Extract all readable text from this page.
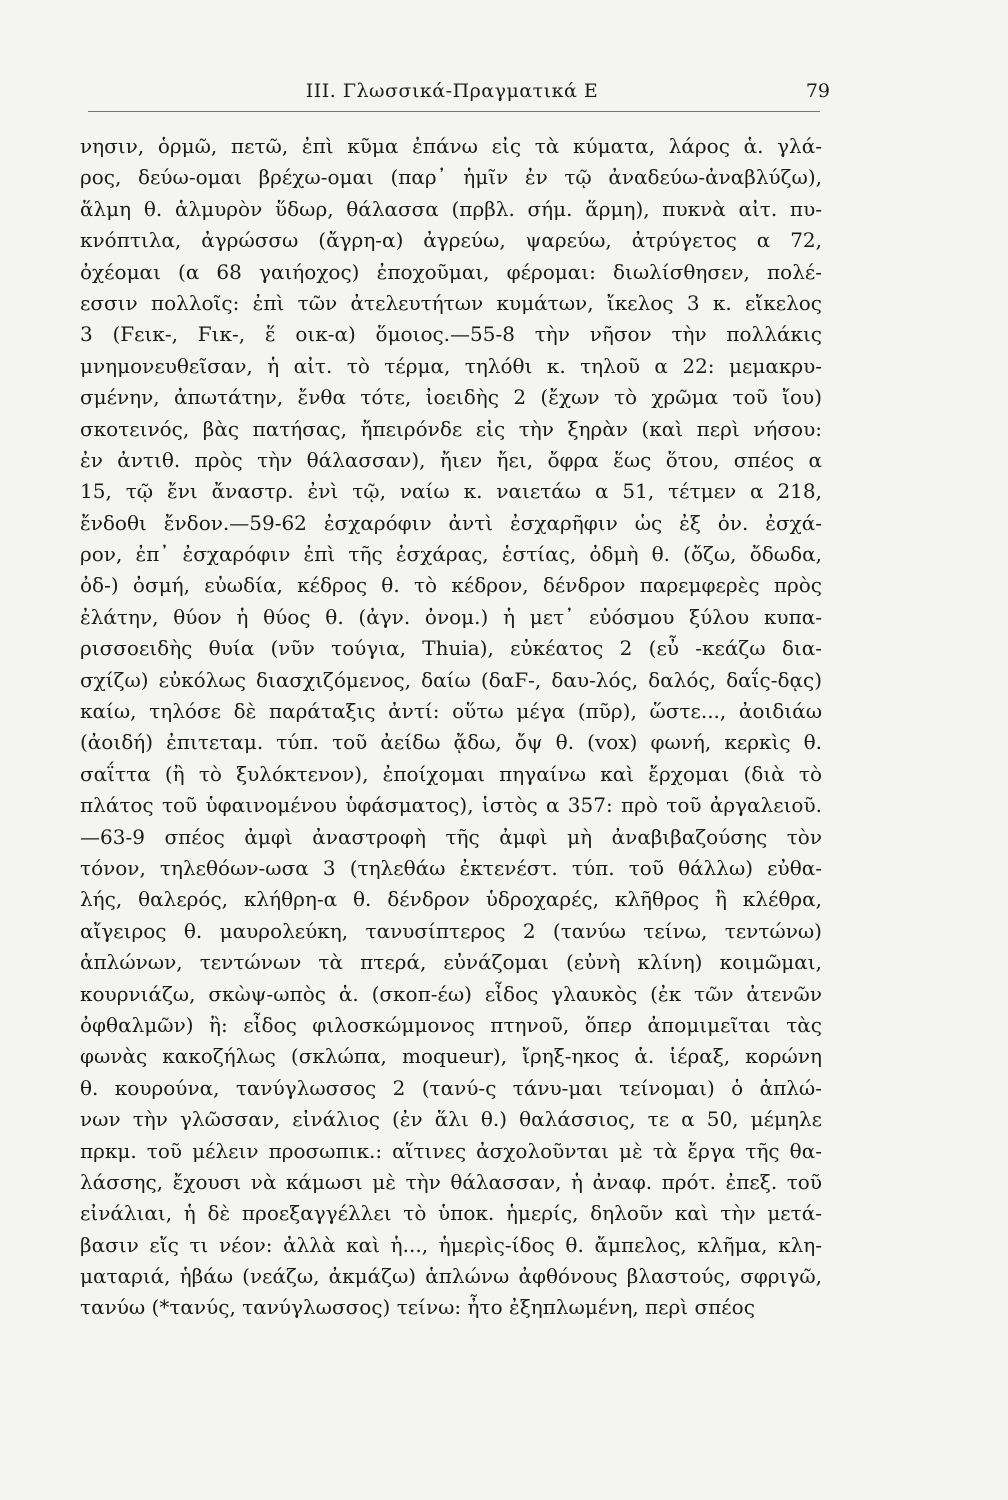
III. Γλωσσικά-Πραγματικά Ε	79
νησιν, ὁρμῶ, πετῶ, ἐπὶ κῦμα ἐπάνω εἰς τὰ κύματα, λάρος ἁ. γλά-
ρος, δεύω-ομαι βρέχω-ομαι (παρ᾿ ἡμῖν ἐν τῷ ἀναδεύω-ἀναβλύζω),
ἅλμη θ. ἁλμυρὸν ὕδωρ, θάλασσα (πρβλ. σήμ. ἅρμη), πυκνὰ αἰτ. πυ-
κνόπτιλα, ἀγρώσσω (ἄγρη-α) ἀγρεύω, ψαρεύω, ἀτρύγετος α 72,
ὀχέομαι (α 68 γαιήοχος) ἐποχοῦμαι, φέρομαι: διωλίσθησεν, πολέ-
εσσιν πολλοῖς: ἐπὶ τῶν ἀτελευτήτων κυμάτων, ἴκελος 3 κ. εἴκελος
3 (Ϝεικ-, Ϝικ-, ἕ οικ-α) ὅμοιος.—55-8 τὴν νῆσον τὴν πολλάκις
μνημονευθεῖσαν, ἡ αἰτ. τὸ τέρμα, τηλόθι κ. τηλοῦ α 22: μεμακρυ-
σμένην, ἀπωτάτην, ἔνθα τότε, ἰοειδὴς 2 (ἔχων τὸ χρῶμα τοῦ ἴου)
σκοτεινός, βὰς πατήσας, ἤπειρόνδε εἰς τὴν ξηρὰν (καὶ περὶ νήσου:
ἐν ἀντιθ. πρὸς τὴν θάλασσαν), ἤιεν ἤει, ὄφρα ἕως ὅτου, σπέος α
15, τῷ ἔνι ἄναστρ. ἐνὶ τῷ, ναίω κ. ναιετάω α 51, τέτμεν α 218,
ἔνδοθι ἔνδον.—59-62 ἐσχαρόφιν ἀντὶ ἐσχαρῆφιν ὡς ἐξ ὀν. ἐσχά-
ρον, ἐπ᾿ ἐσχαρόφιν ἐπὶ τῆς ἐσχάρας, ἑστίας, ὀδμὴ θ. (ὄζω, ὄδωδα,
ὀδ-) ὀσμή, εὐωδία, κέδρος θ. τὸ κέδρον, δένδρον παρεμφερὲς πρὸς
ἐλάτην, θύον ἡ θύος θ. (ἀγν. ὀνομ.) ἡ μετ᾿ εὐόσμου ξύλου κυπα-
ρισσοειδὴς θυία (νῦν τούγια, Thuia), εὐκέατος 2 (εὖ -κεάζω δια-
σχίζω) εὐκόλως διασχιζόμενος, δαίω (δαϜ-, δαυ-λός, δαλός, δαΐς-δᾳς)
καίω, τηλόσε δὲ παράταξις ἀντί: οὕτω μέγα (πῦρ), ὥστε..., ἀοιδιάω
(ἀοιδή) ἐπιτεταμ. τύπ. τοῦ ἀείδω ᾄδω, ὄψ θ. (vox) φωνή, κερκὶς θ.
σαΐττα (ἢ τὸ ξυλόκτενον), ἐποίχομαι πηγαίνω καὶ ἔρχομαι (διὰ τὸ
πλάτος τοῦ ὑφαινομένου ὑφάσματος), ἱστὸς α 357: πρὸ τοῦ ἀργαλειοῦ.
—63-9 σπέος ἀμφὶ ἀναστροφὴ τῆς ἀμφὶ μὴ ἀναβιβαζούσης τὸν
τόνον, τηλεθόων-ωσα 3 (τηλεθάω ἐκτενέστ. τύπ. τοῦ θάλλω) εὐθα-
λής, θαλερός, κλήθρη-α θ. δένδρον ὑδροχαρές, κλῆθρος ἢ κλέθρα,
αἴγειρος θ. μαυρολεύκη, τανυσίπτερος 2 (τανύω τείνω, τεντώνω)
ἁπλώνων, τεντώνων τὰ πτερά, εὐνάζομαι (εὐνὴ κλίνη) κοιμῶμαι,
κουρνιάζω, σκὼψ-ωπὸς ἁ. (σκοπ-έω) εἶδος γλαυκὸς (ἐκ τῶν ἀτενῶν
ὀφθαλμῶν) ἢ: εἶδος φιλοσκώμμονος πτηνοῦ, ὅπερ ἀπομιμεῖται τὰς
φωνὰς κακοζήλως (σκλώπα, moqueur), ἴρηξ-ηκος ἁ. ἱέραξ, κορώνη
θ. κουρούνα, τανύγλωσσος 2 (τανύ-ς τάνυ-μαι τείνομαι) ὁ ἁπλώ-
νων τὴν γλῶσσαν, εἰνάλιος (ἐν ἅλι θ.) θαλάσσιος, τε α 50, μέμηλε
πρκμ. τοῦ μέλειν προσωπικ.: αἵτινες ἀσχολοῦνται μὲ τὰ ἔργα τῆς θα-
λάσσης, ἔχουσι νὰ κάμωσι μὲ τὴν θάλασσαν, ἡ ἀναφ. πρότ. ἐπεξ. τοῦ
εἰνάλιαι, ἡ δὲ προεξαγγέλλει τὸ ὑποκ. ἡμερίς, δηλοῦν καὶ τὴν μετά-
βασιν εἴς τι νέον: ἀλλὰ καὶ ἡ..., ἡμερὶς-ίδος θ. ἄμπελος, κλῆμα, κλη-
ματαριά, ἡβάω (νεάζω, ἀκμάζω) ἁπλώνω ἀφθόνους βλαστούς, σφριγῶ,
τανύω (*τανύς, τανύγλωσσος) τείνω: ἦτο ἐξηπλωμένη, περὶ σπέος
